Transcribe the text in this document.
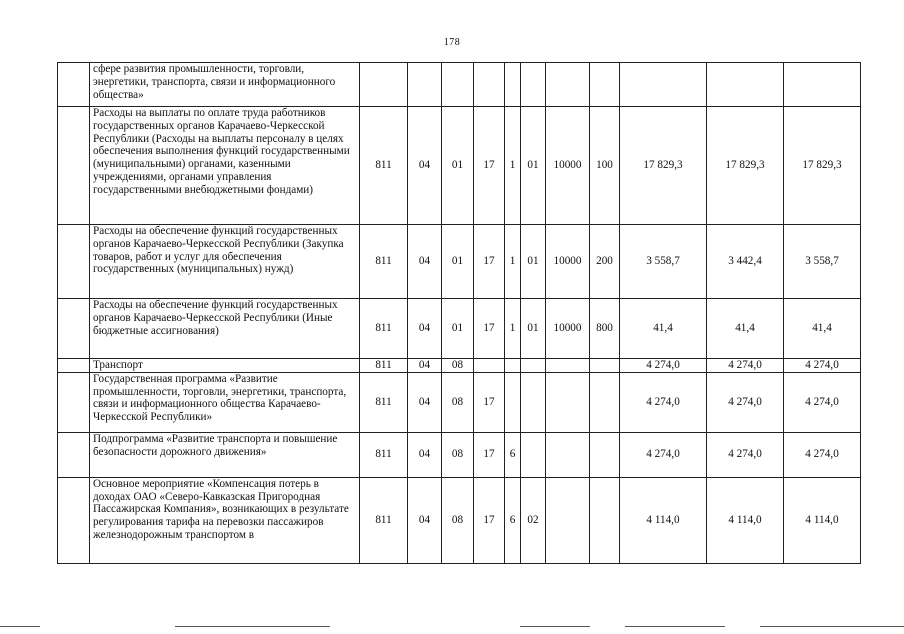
178
	сфере развития промышленности, торговли, энергетики, транспорта, связи и информационного общества»											
	Расходы на выплаты по оплате труда работников государственных органов Карачаево-Черкесской Республики (Расходы на выплаты персоналу в целях обеспечения выполнения функций государственными (муниципальными) органами, казенными учреждениями, органами управления государственными внебюджетными фондами)	811	04	01	17	1	01	10000	100	17 829,3	17 829,3	17 829,3
	Расходы на обеспечение функций государственных органов Карачаево-Черкесской Республики (Закупка товаров, работ и услуг для обеспечения государственных (муниципальных) нужд)	811	04	01	17	1	01	10000	200	3 558,7	3 442,4	3 558,7
	Расходы на обеспечение функций государственных органов Карачаево-Черкесской Республики (Иные бюджетные ассигнования)	811	04	01	17	1	01	10000	800	41,4	41,4	41,4
	Транспорт	811	04	08						4 274,0	4 274,0	4 274,0
	Государственная программа «Развитие промышленности, торговли, энергетики, транспорта, связи и информационного общества Карачаево-Черкесской Республики»	811	04	08	17					4 274,0	4 274,0	4 274,0
	Подпрограмма «Развитие транспорта и повышение безопасности дорожного движения»	811	04	08	17	6				4 274,0	4 274,0	4 274,0
	Основное мероприятие «Компенсация потерь в доходах ОАО «Северо-Кавказская Пригородная Пассажирская Компания», возникающих в результате регулирования тарифа на перевозки пассажиров железнодорожным транспортом в	811	04	08	17	6	02			4 114,0	4 114,0	4 114,0
